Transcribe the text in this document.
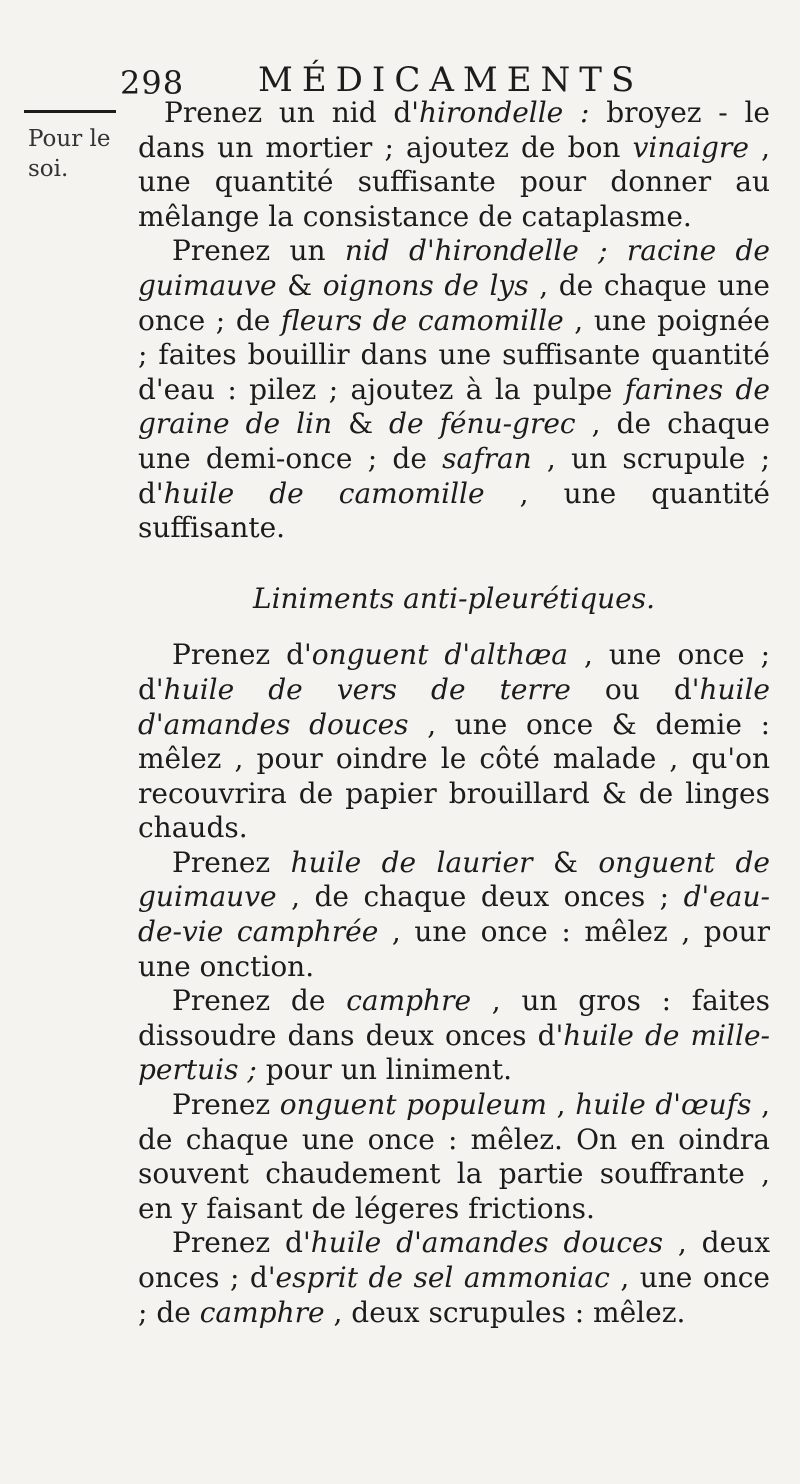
298 MÉDICAMENTS
Pour le soi.

Prenez un nid d'hirondelle : broyez - le dans un mortier ; ajoutez de bon vinaigre , une quantité suffisante pour donner au mêlange la consistance de cataplasme.

Prenez un nid d'hirondelle ; racine de guimauve & oignons de lys , de chaque une once ; de fleurs de camomille , une poignée ; faites bouillir dans une suffisante quantité d'eau : pilez ; ajoutez à la pulpe farines de graine de lin & de fénu-grec , de chaque une demi-once ; de safran , un scrupule ; d'huile de camomille , une quantité suffisante.

Liniments anti-pleurétiques.

Prenez d'onguent d'althæa , une once ; d'huile de vers de terre ou d'huile d'amandes douces , une once & demie : mêlez , pour oindre le côté malade , qu'on recouvrira de papier brouillard & de linges chauds.

Prenez huile de laurier & onguent de guimauve , de chaque deux onces ; d'eau-de-vie camphrée , une once : mêlez , pour une onction.

Prenez de camphre , un gros : faites dissoudre dans deux onces d'huile de mille-pertuis ; pour un liniment.

Prenez onguent populeum , huile d'œufs , de chaque une once : mêlez. On en oindra souvent chaudement la partie souffrante , en y faisant de légeres frictions.

Prenez d'huile d'amandes douces , deux onces ; d'esprit de sel ammoniac , une once ; de camphre , deux scrupules : mêlez.
